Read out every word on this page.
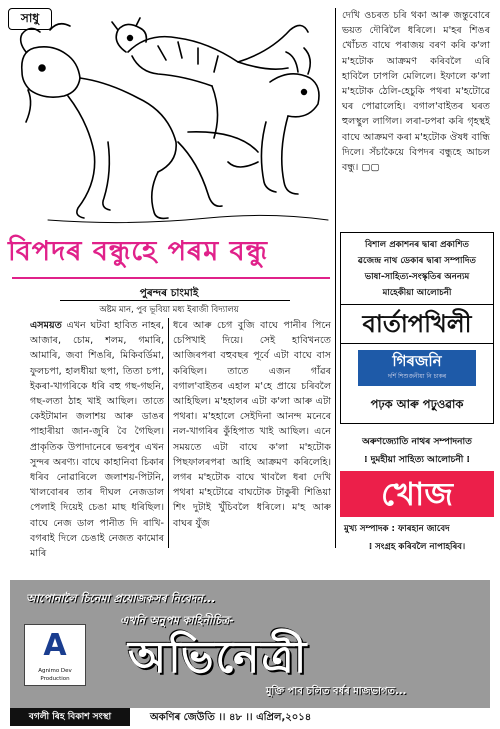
সাধু
বিপদৰ বন্ধুহে পৰম বন্ধু
পুৰন্দৰ চাংমাই
অষ্টম মান, পুব ভূবিয়া মধ্য ইৰাজী বিদ্যালয়
এসময়ত এখন ঘটবা হাবিত নাহৰ, আজাৰ, চোম, শলম, গমাৰি, আমাৰি, জবা শিঙৰি, মিকিবৰ্ডিমা, ফুলচপা, হালধীয়া ছপা, তিতা চপা, ইকৰা-খাগৰিকে ধৰি বহু গছ-গছনি, গছ-লতা ঠাহ খাই আছিল। তাতে কেইটামান জলাশয় আৰু ডাঙৰ পাহাৰীয়া জান-জুৰি বৈ গৈছিল। প্ৰাকৃতিক উপাদানেৰে ভৰপুৰ এখন সুন্দৰ অৰণ্য। বাঘে কাহানিবা চিকাৰ ধৰিব নোৱাৰিলে জলাশয়-পিটনি, খালবোৰৰ তাৰ দীঘল নেজডাল পেলাই দিয়েই চেঙা মাছ ধৰিছিল। বাঘে নেজ ডাল পানীত দি ৰাখি-বগৰাই দিলে চেঙাই নেজত কামোৰ মাৰি
ধৰে আৰু চেগ বুজি বাঘে পানীৰ পিনে চেপিখাই দিয়ে। সেই হাবিখনতে আজিৰপৰা বহুবছৰ পূৰ্বে এটা বাঘে বাস কৰিছিল। তাতে এজন গাঁৱৰ বগাল'বাইতৰ এহাল ম'হে প্ৰায়ে চৰিবলৈ আহিছিল। ম'হহালৰ এটা ক'লা আৰু এটা পথৰা। ম'হহালে সেইদিনা আনন্দ মনেৰে নল-খাগৰিৰ কুঁহিপাত খাই আছিল। এনে সময়তে এটা বাঘে ক'লা ম'হটোক পিছফালৰপৰা আহি আক্ৰমণ কৰিলেহি। লগৰ ম'হটোক বাঘে খাবলৈ ধৰা দেখি পথৰা ম'হটোৱে বাঘটোক টাকুৰী শিঙিয়া শিং দুটাই খুঁচিবলৈ ধৰিলে। ম'হ আৰু বাঘৰ যুঁজ
দেখি ওচৰত চৰি থকা আৰু জন্তুবোৰে ভয়ত দৌৰিলৈ ধৰিলে। ম'হৰ শিঙৰ খোঁচত বাঘে পৰাজয় বৰণ কৰি ক'লা ম'হটোক আক্ৰমণ কৰিবলৈ এৰি হাবিলৈ ঢাপলি মেলিলে। ইফালে ক'লা ম'হটোক ঠেলি-হেচুকি পথৰা ম'হটোৱে ঘৰ পোৱালেহি। বগাল'বাইতৰ ঘৰত হুলস্থুল লাগিল। লৰা-ঢপৰা কৰি গৃহস্থই বাঘে আক্ৰমণ কৰা ম'হটোক ঔষধ বান্ধি দিলে। সঁচাকৈয়ে বিপদৰ বন্ধুহে আচল বন্ধু। ▢▢
বিশাল প্ৰকাশনৰ দ্বাৰা প্ৰকাশিত
ৱজেন্দ্ৰ নাথ ডেকাৰ দ্বাৰা সম্পাদিত
ভাষা-সাহিত্য-সংস্কৃতিৰ অনন্যম
মাহেকীয়া আলোচনী
বাৰ্তাপখিলী
গিৰজনি
দৰ্শি শিশুজনীয়া নি চাকৰ
পঢ়ক আৰু পঢ়ুওৱাক
অৰুণজ্যোতি নাথৰ সম্পাদনাত
⁞ দুমহীয়া সাহিত্য আলোচনী ⁞
খোজ
মুখ্য সম্পাদক : ফাৰহান জাবেদ
⁞ সংগ্ৰহ কৰিবলৈ নাপাহৰিব।
আপোনালৈ চিনেমা প্ৰযোজকসৰ নিবেদন...
এখনি অনুপম কাহিনীচিত্ৰ-
A
Agnimo Dev Production	অভিনেত্ৰী
মুক্তি পাব চলিত বৰ্ষৰ মাজভাগত...
বগলী ৰিহ বিকাশ সংস্থা	অকণিৰ জেউতি ।। ৪৮ ।। এপ্ৰিল,২০১৪
